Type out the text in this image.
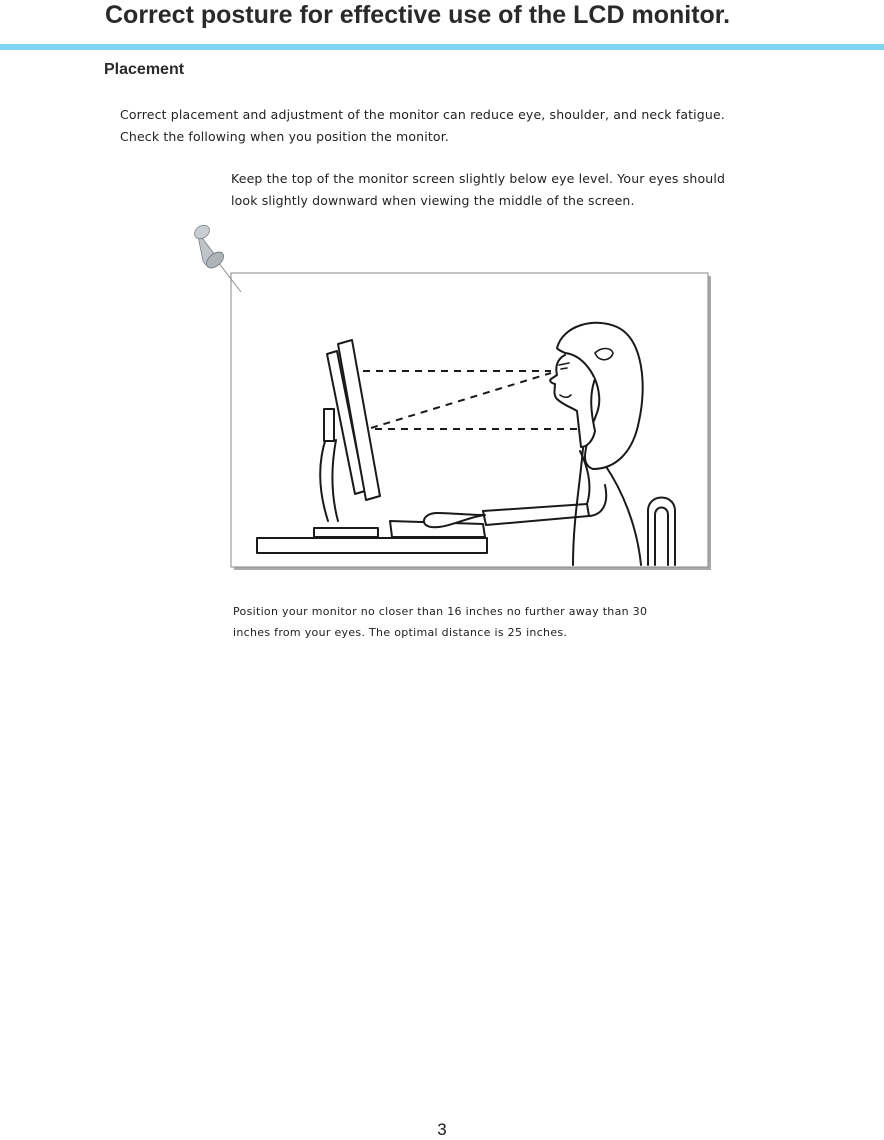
Correct posture for effective use of the LCD monitor.
Placement
Correct placement and adjustment of the monitor can reduce eye, shoulder, and neck fatigue.
Check the following when you position the monitor.
Keep the top of the monitor screen slightly below eye level. Your eyes should
look slightly downward when viewing the middle of the screen.
Position your monitor no closer than 16 inches no further away than 30
inches from your eyes. The optimal distance is 25 inches.
3
